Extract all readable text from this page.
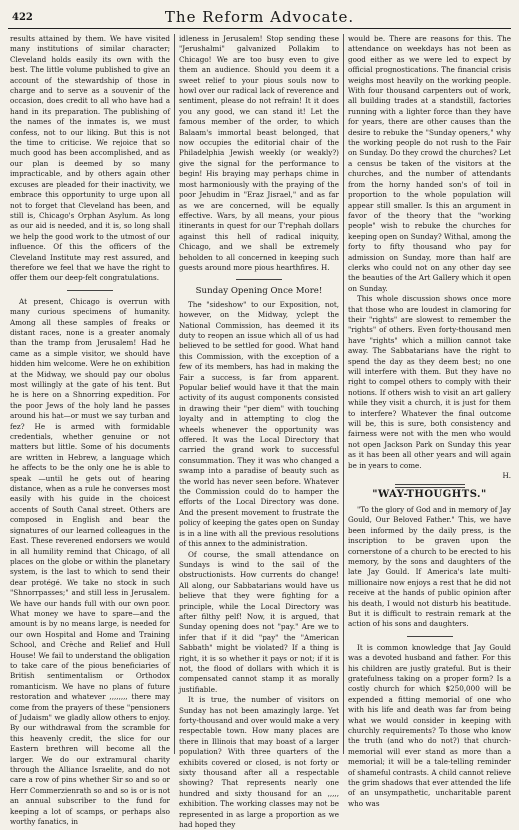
422	The Reform Advocate.

results attained by them. We have visited many institutions of similar character; Cleveland holds easily its own with the best. The little volume published to give an account of the stewardship of those in charge and to serve as a souvenir of the occasion, does credit to all who have had a hand in its preparation. The publishing of the names of the inmates is, we must confess, not to our liking. But this is not the time to criticise. We rejoice that so much good has been accomplished, and as our plan is deemed by so many impracticable, and by others again other excuses are pleaded for their inactivity, we embrace this opportunity to urge upon all not to forget that Cleveland has been, and still is, Chicago's Orphan Asylum. As long as our aid is needed, and it is, so long shall we help the good work to the utmost of our influence. Of this the officers of the Cleveland Institute may rest assured, and therefore we feel that we have the right to offer them our deep-felt congratulations.

At present, Chicago is overrun with many curious specimens of humanity. Among all these samples of freaks or distant races, none is a greater anomaly than the tramp from Jerusalem! Had he came as a simple visitor, we should have hidden him welcome. Were he on exhibition at the Midway, we should pay our obolus most willingly at the gate of his tent. But he is here on a Shnorring expedition. For the poor Jews of the holy land he passes around his hat—or must we say turban and fez? He is armed with formidable credentials, whether genuine or not matters but little. Some of his documents are written in Hebrew, a language which he affects to be the only one he is able to speak —until he gets out of hearing distance, when as a rule he converses most easily with his guide in the choicest accents of South Canal street. Others are composed in English and bear the signatures of our learned colleagues in the East. These reverened endorsers we would in all humility remind that Chicago, of all places on the globe or within the planetary system, is the last to which to send their dear protégé. We take no stock in such "Shnorrpasses;" and still less in Jerusalem. We have our hands full with our own poor. What money we have to spare—and the amount is by no means large, is needed for our own Hospital and Home and Training School, and Crèche and Relief and Hull House! We fail to understand the obligation to take care of the pious beneficiaries of British sentimentalism or Orthodox romanticism. We have no plans of future restoration and whatever ,,,,,,,, there may come from the prayers of these "pensioners of Judaism" we gladly allow others to enjoy. By our withdrawal from the scramble for this heavenly credit, the slice for our Eastern brethren will become all the larger. We do our extramural charity through the Alliance Israelite, and do not care a row of pins whether Sir so and so or Herr Commerzienrath so and so is or is not an annual subscriber to the fund for keeping a lot of scamps, or perhaps also worthy fanatics, in

idleness in Jerusalem! Stop sending these "Jerushalmi" galvanized Pollakim to Chicago! We are too busy even to give them an audience. Should you deem it a sweet relief to your pious souls now to howl over our radical lack of reverence and sentiment, please do not refrain! It it does you any good, we can stand it! Let the famous member of the order, to which Balaam's immortal beast belonged, that now occupies the editorial chair of the Philadelphia Jewish weekly (or weakly?) give the signal for the performance to begin! His braying may perhaps chime in most harmoniously with the praying of the poor Jehudim in "Eraz Jisrael," and as far as we are concerned, will be equally effective. Wars, by all means, your pious itinerants in quest for our T'rephah dollars against this hell of radical iniquity, Chicago, and we shall be extremely beholden to all concerned in keeping such guests around more pious hearthfires. H.

Sunday Opening Once More!

The "sideshow" to our Exposition, not, however, on the Midway, yclept the National Commission, has deemed it its duty to reopen an issue which all of us had believed to be settled for good. What hand this Commission, with the exception of a few of its members, has had in making the Fair a success, is far from apparent. Popular belief would have it that the main activity of its august components consisted in drawing their "per diem" with touching loyalty and in attempting to clog the wheels whenever the opportunity was offered. It was the Local Directory that carried the grand work to successful consummation. They it was who changed a swamp into a paradise of beauty such as the world has never seen before. Whatever the Commission could do to hamper the efforts of the Local Directory was done. And the present movement to frustrate the policy of keeping the gates open on Sunday is in a line with all the previous resolutions of this annex to the administration.

Of course, the small attendance on Sundays is wind to the sail of the obstructionists. How currents do change! All along, our Sabbatarians would have us believe that they were fighting for a principle, while the Local Directory was after filthy pelf! Now, it is argued, that Sunday opening does not "pay." Are we to infer that if it did "pay" the "American Sabbath" might be violated? If a thing is right, it is so whether it pays or not; if it is not, the flood of dollars with which it is compensated cannot stamp it as morally justifiable.

It is true, the number of visitors on Sunday has not been amazingly large. Yet forty-thousand and over would make a very respectable town. How many places are there in Illinois that may boast of a larger population? With three quarters of the exhibits covered or closed, is not forty or sixty thousand after all a respectable showing? That represents nearly one hundred and sixty thousand for an ,,,,, exhibition. The working classes may not be represented in as large a proportion as we had hoped they

would be. There are reasons for this. The attendance on weekdays has not been as good either as we were led to expect by official prognostications. The financial crisis weighs most heavily on the working people. With four thousand carpenters out of work, all building trades at a standstill, factories running with a lighter force than they have for years, there are other causes than the desire to rebuke the "Sunday openers," why the working people do not rush to the Fair on Sunday. Do they crowd the churches? Let a census be taken of the visitors at the churches, and the number of attendants from the horny handed son's of toil in proportion to the whole population will appear still smaller. Is this an argument in favor of the theory that the "working people" wish to rebuke the churches for keeping open on Sunday? Withal, among the forty to fifty thousand who pay for admission on Sunday, more than half are clerks who could not on any other day see the beauties of the Art Gallery which it open on Sunday.

This whole discussion shows once more that those who are loudest in clamoring for their "rights" are slowest to remember the "rights" of others. Even forty-thousand men have "rights" which a million cannot take away. The Sabbatarians have the right to spend the day as they deem best; no one will interfere with them. But they have no right to compel others to comply with their notions. If others wish to visit an art gallery while they visit a church, it is just for them to interfere? Whatever the final outcome will be, this is sure, both consistency and fairness were not with the men who would not open Jackson Park on Sunday this year as it has been all other years and will again be in years to come.

H.

"WAY-THOUGHTS."

"To the glory of God and in memory of Jay Gould, Our Beloved Father." This, we have been informed by the daily press, is the inscription to be graven upon the cornerstone of a church to be erected to his memory, by the sons and daughters of the late Jay Gould. If America's late multi-millionaire now enjoys a rest that he did not receive at the hands of public opinion after his death, I would not disturb his beatitude. But it is difficult to restrain remark at the action of his sons and daughters.

It is common knowledge that Jay Gould was a devoted husband and father. For this his children are justly grateful. But is their gratefulness taking on a proper form? Is a costly church for which $250,000 will be expended a fitting memorial of one who with his life and death was far from being what we would consider in keeping with churchly requirements? To those who know the truth (and who do not?) that church-memorial will ever stand as more than a memorial; it will be a tale-telling reminder of shameful contrasts. A child cannot relieve the grim shadows that ever attended the life of an unsympathetic, uncharitable parent who was
